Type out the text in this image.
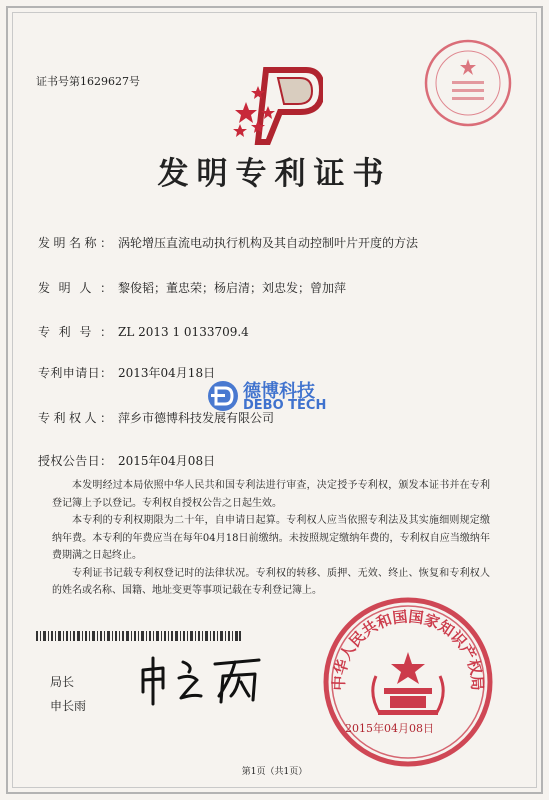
证书号第1629627号
发明专利证书
发明名称： 涡轮增压直流电动执行机构及其自动控制叶片开度的方法
发明人： 黎俊韬；董忠荣；杨启清；刘忠发；曾加萍
专利号： ZL 2013 1 0133709.4
专利申请日： 2013年04月18日
专利权人： 萍乡市德博科技发展有限公司
授权公告日： 2015年04月08日
德博科技
DEBO TECH

本发明经过本局依照中华人民共和国专利法进行审查，决定授予专利权，颁发本证书并在专利登记簿上予以登记。专利权自授权公告之日起生效。

本专利的专利权期限为二十年，自申请日起算。专利权人应当依照专利法及其实施细则规定缴纳年费。本专利的年费应当在每年04月18日前缴纳。未按照规定缴纳年费的，专利权自应当缴纳年费期满之日起终止。

专利证书记载专利权登记时的法律状况。专利权的转移、质押、无效、终止、恢复和专利权人的姓名或名称、国籍、地址变更等事项记载在专利登记簿上。

局长
申长雨
中华人民共和国国家知识产权局
2015年04月08日
第1页（共1页）
